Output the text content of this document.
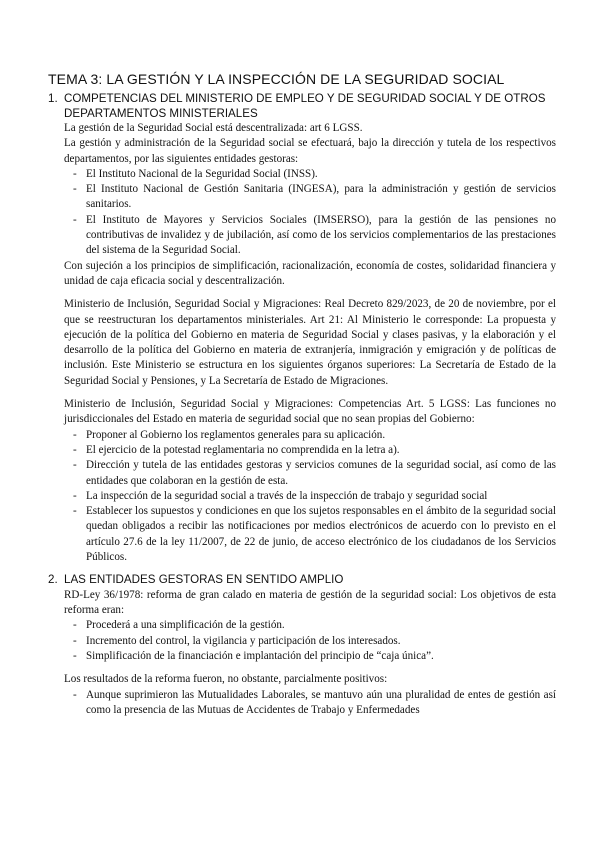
TEMA 3: LA GESTIÓN Y LA INSPECCIÓN DE LA SEGURIDAD SOCIAL
1. COMPETENCIAS DEL MINISTERIO DE EMPLEO Y DE SEGURIDAD SOCIAL Y DE OTROS DEPARTAMENTOS MINISTERIALES

La gestión de la Seguridad Social está descentralizada: art 6 LGSS.

La gestión y administración de la Seguridad social se efectuará, bajo la dirección y tutela de los respectivos departamentos, por las siguientes entidades gestoras:

- El Instituto Nacional de la Seguridad Social (INSS).
- El Instituto Nacional de Gestión Sanitaria (INGESA), para la administración y gestión de servicios sanitarios.
- El Instituto de Mayores y Servicios Sociales (IMSERSO), para la gestión de las pensiones no contributivas de invalidez y de jubilación, así como de los servicios complementarios de las prestaciones del sistema de la Seguridad Social.

Con sujeción a los principios de simplificación, racionalización, economía de costes, solidaridad financiera y unidad de caja eficacia social y descentralización.

Ministerio de Inclusión, Seguridad Social y Migraciones: Real Decreto 829/2023, de 20 de noviembre, por el que se reestructuran los departamentos ministeriales. Art 21: Al Ministerio le corresponde: La propuesta y ejecución de la política del Gobierno en materia de Seguridad Social y clases pasivas, y la elaboración y el desarrollo de la política del Gobierno en materia de extranjería, inmigración y emigración y de políticas de inclusión. Este Ministerio se estructura en los siguientes órganos superiores: La Secretaría de Estado de la Seguridad Social y Pensiones, y La Secretaría de Estado de Migraciones.

Ministerio de Inclusión, Seguridad Social y Migraciones: Competencias Art. 5 LGSS: Las funciones no jurisdiccionales del Estado en materia de seguridad social que no sean propias del Gobierno:

- Proponer al Gobierno los reglamentos generales para su aplicación.
- El ejercicio de la potestad reglamentaria no comprendida en la letra a).
- Dirección y tutela de las entidades gestoras y servicios comunes de la seguridad social, así como de las entidades que colaboran en la gestión de esta.
- La inspección de la seguridad social a través de la inspección de trabajo y seguridad social
- Establecer los supuestos y condiciones en que los sujetos responsables en el ámbito de la seguridad social quedan obligados a recibir las notificaciones por medios electrónicos de acuerdo con lo previsto en el artículo 27.6 de la ley 11/2007, de 22 de junio, de acceso electrónico de los ciudadanos de los Servicios Públicos.
2. LAS ENTIDADES GESTORAS EN SENTIDO AMPLIO

RD-Ley 36/1978: reforma de gran calado en materia de gestión de la seguridad social: Los objetivos de esta reforma eran:

- Procederá a una simplificación de la gestión.
- Incremento del control, la vigilancia y participación de los interesados.
- Simplificación de la financiación e implantación del principio de “caja única”.

Los resultados de la reforma fueron, no obstante, parcialmente positivos:

- Aunque suprimieron las Mutualidades Laborales, se mantuvo aún una pluralidad de entes de gestión así como la presencia de las Mutuas de Accidentes de Trabajo y Enfermedades
